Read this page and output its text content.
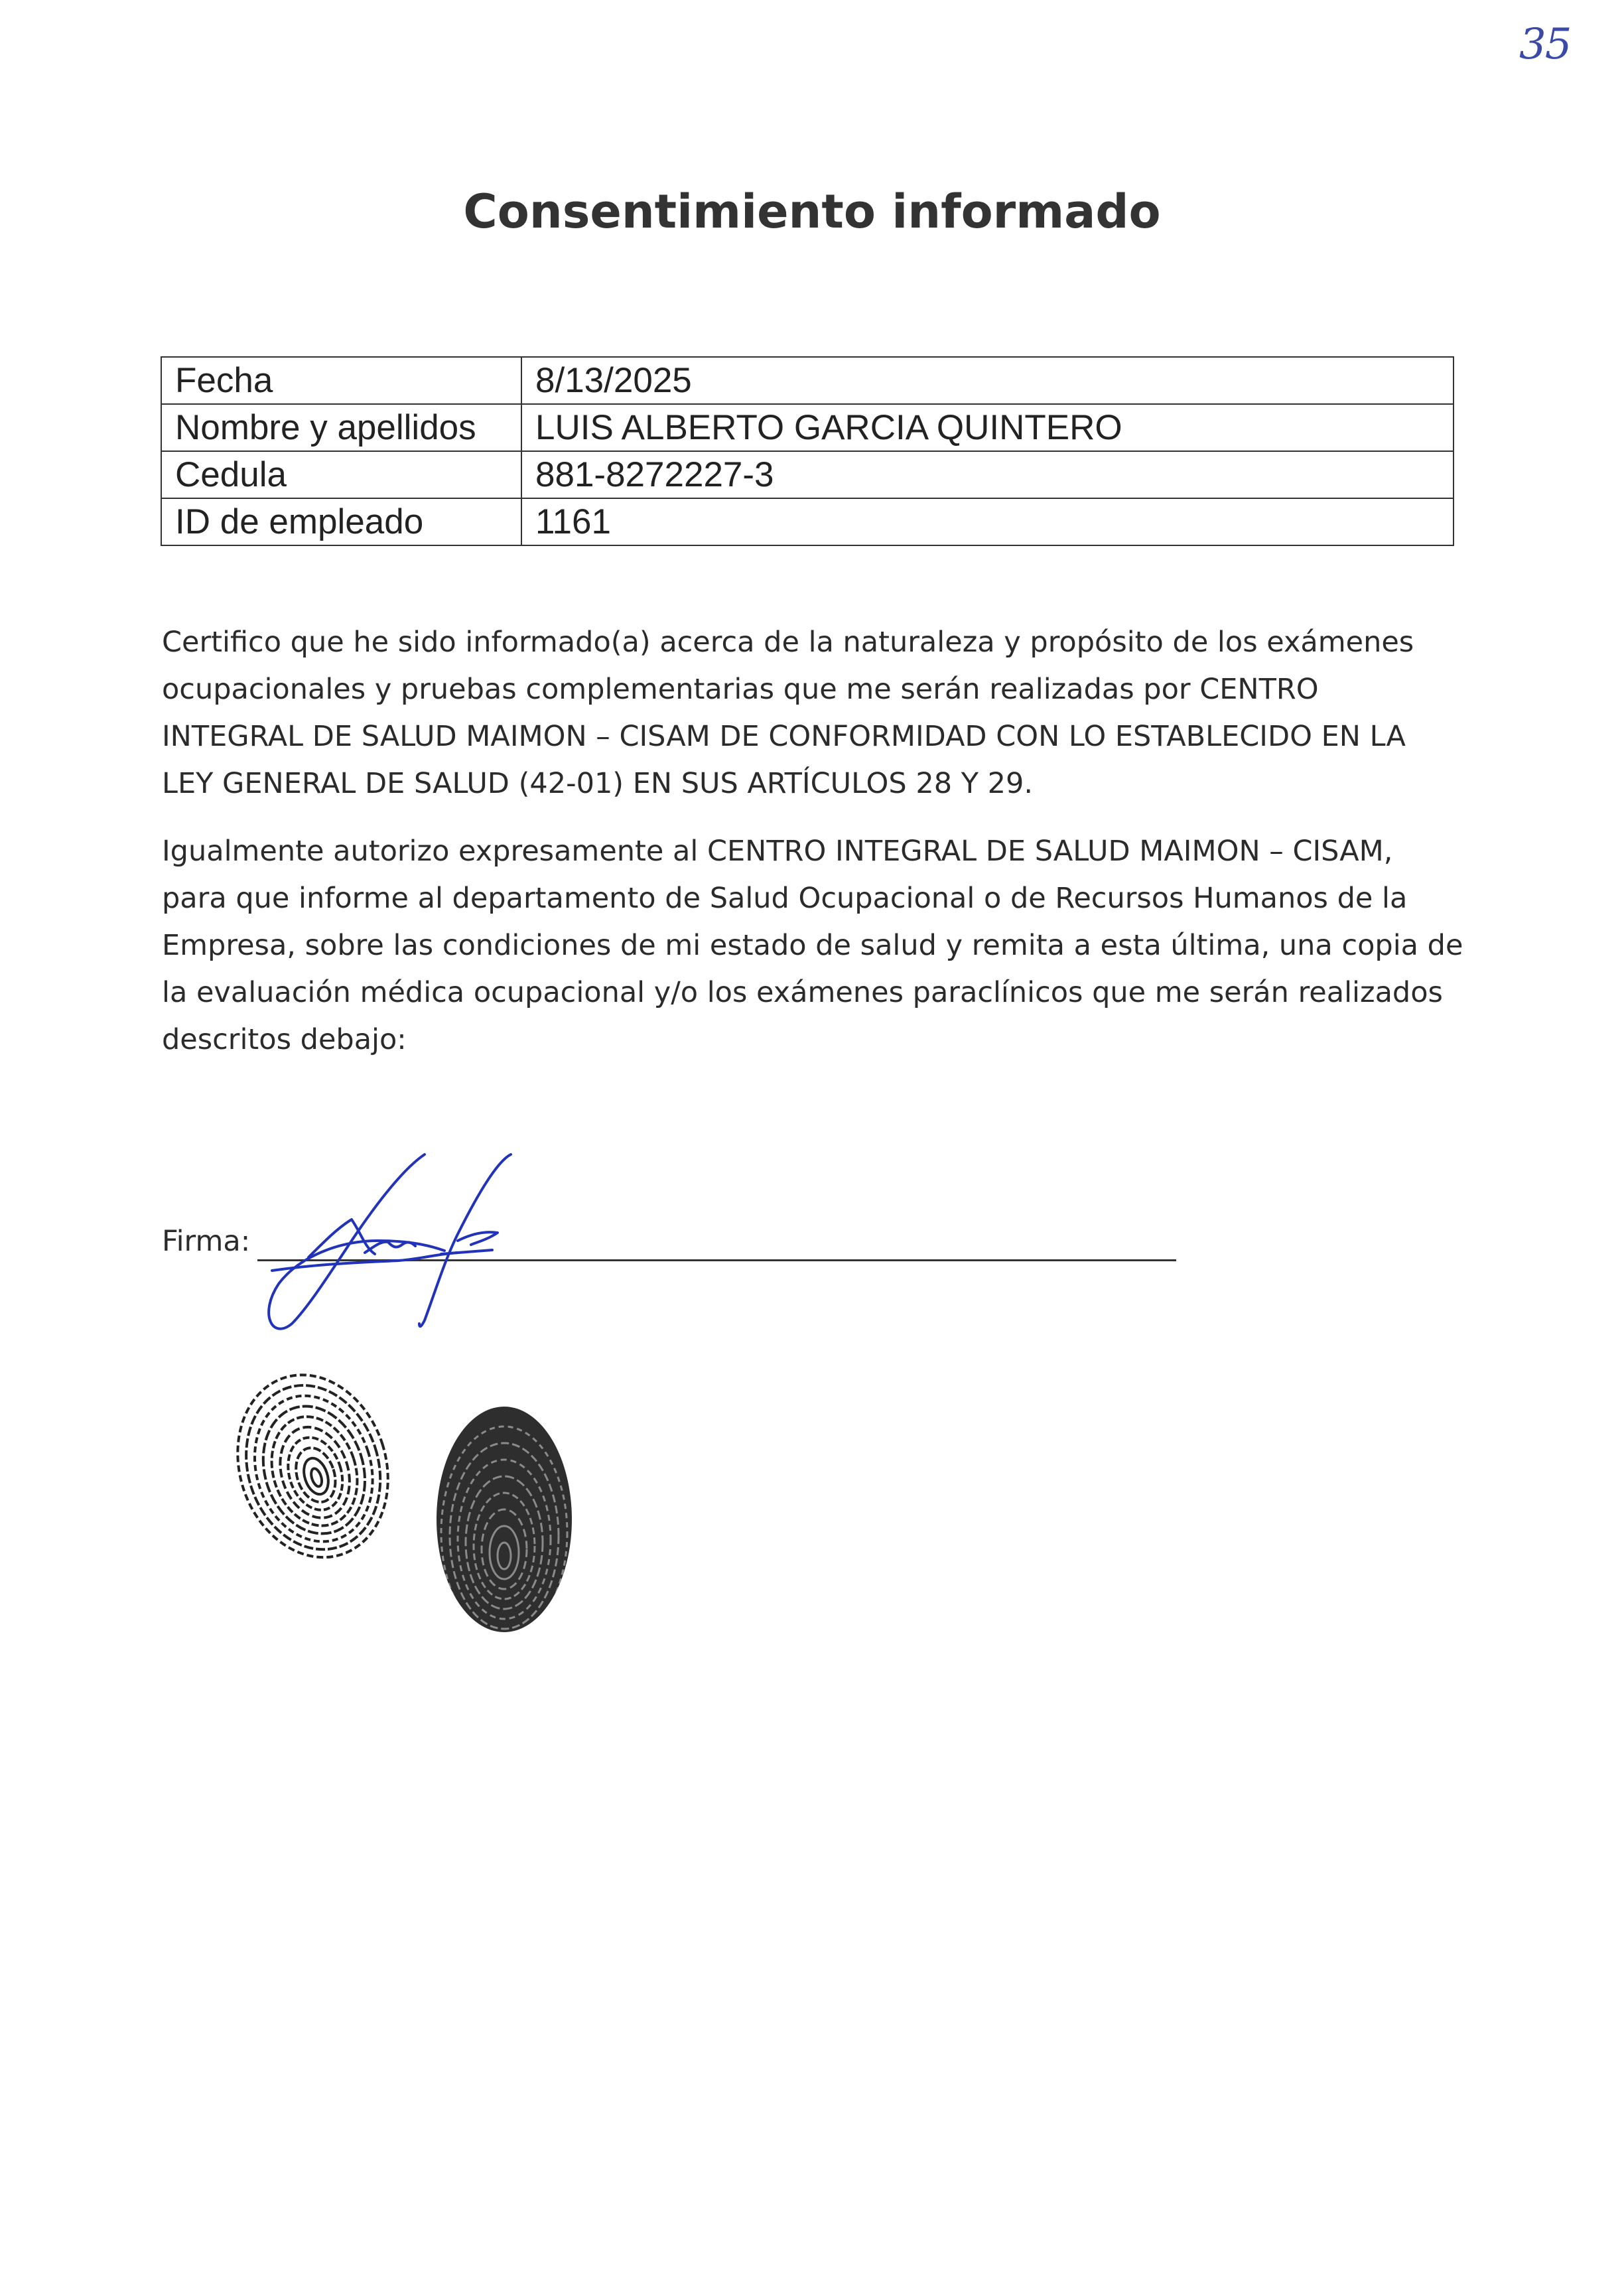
35
Consentimiento informado
Fecha	8/13/2025
Nombre y apellidos	LUIS ALBERTO GARCIA QUINTERO
Cedula	881-8272227-3
ID de empleado	1161
Certifico que he sido informado(a) acerca de la naturaleza y propósito de los exámenes
ocupacionales y pruebas complementarias que me serán realizadas por CENTRO
INTEGRAL DE SALUD MAIMON – CISAM DE CONFORMIDAD CON LO ESTABLECIDO EN LA
LEY GENERAL DE SALUD (42-01) EN SUS ARTÍCULOS 28 Y 29.
Igualmente autorizo expresamente al CENTRO INTEGRAL DE SALUD MAIMON – CISAM,
para que informe al departamento de Salud Ocupacional o de Recursos Humanos de la
Empresa, sobre las condiciones de mi estado de salud y remita a esta última, una copia de
la evaluación médica ocupacional y/o los exámenes paraclínicos que me serán realizados
descritos debajo:
Firma:
